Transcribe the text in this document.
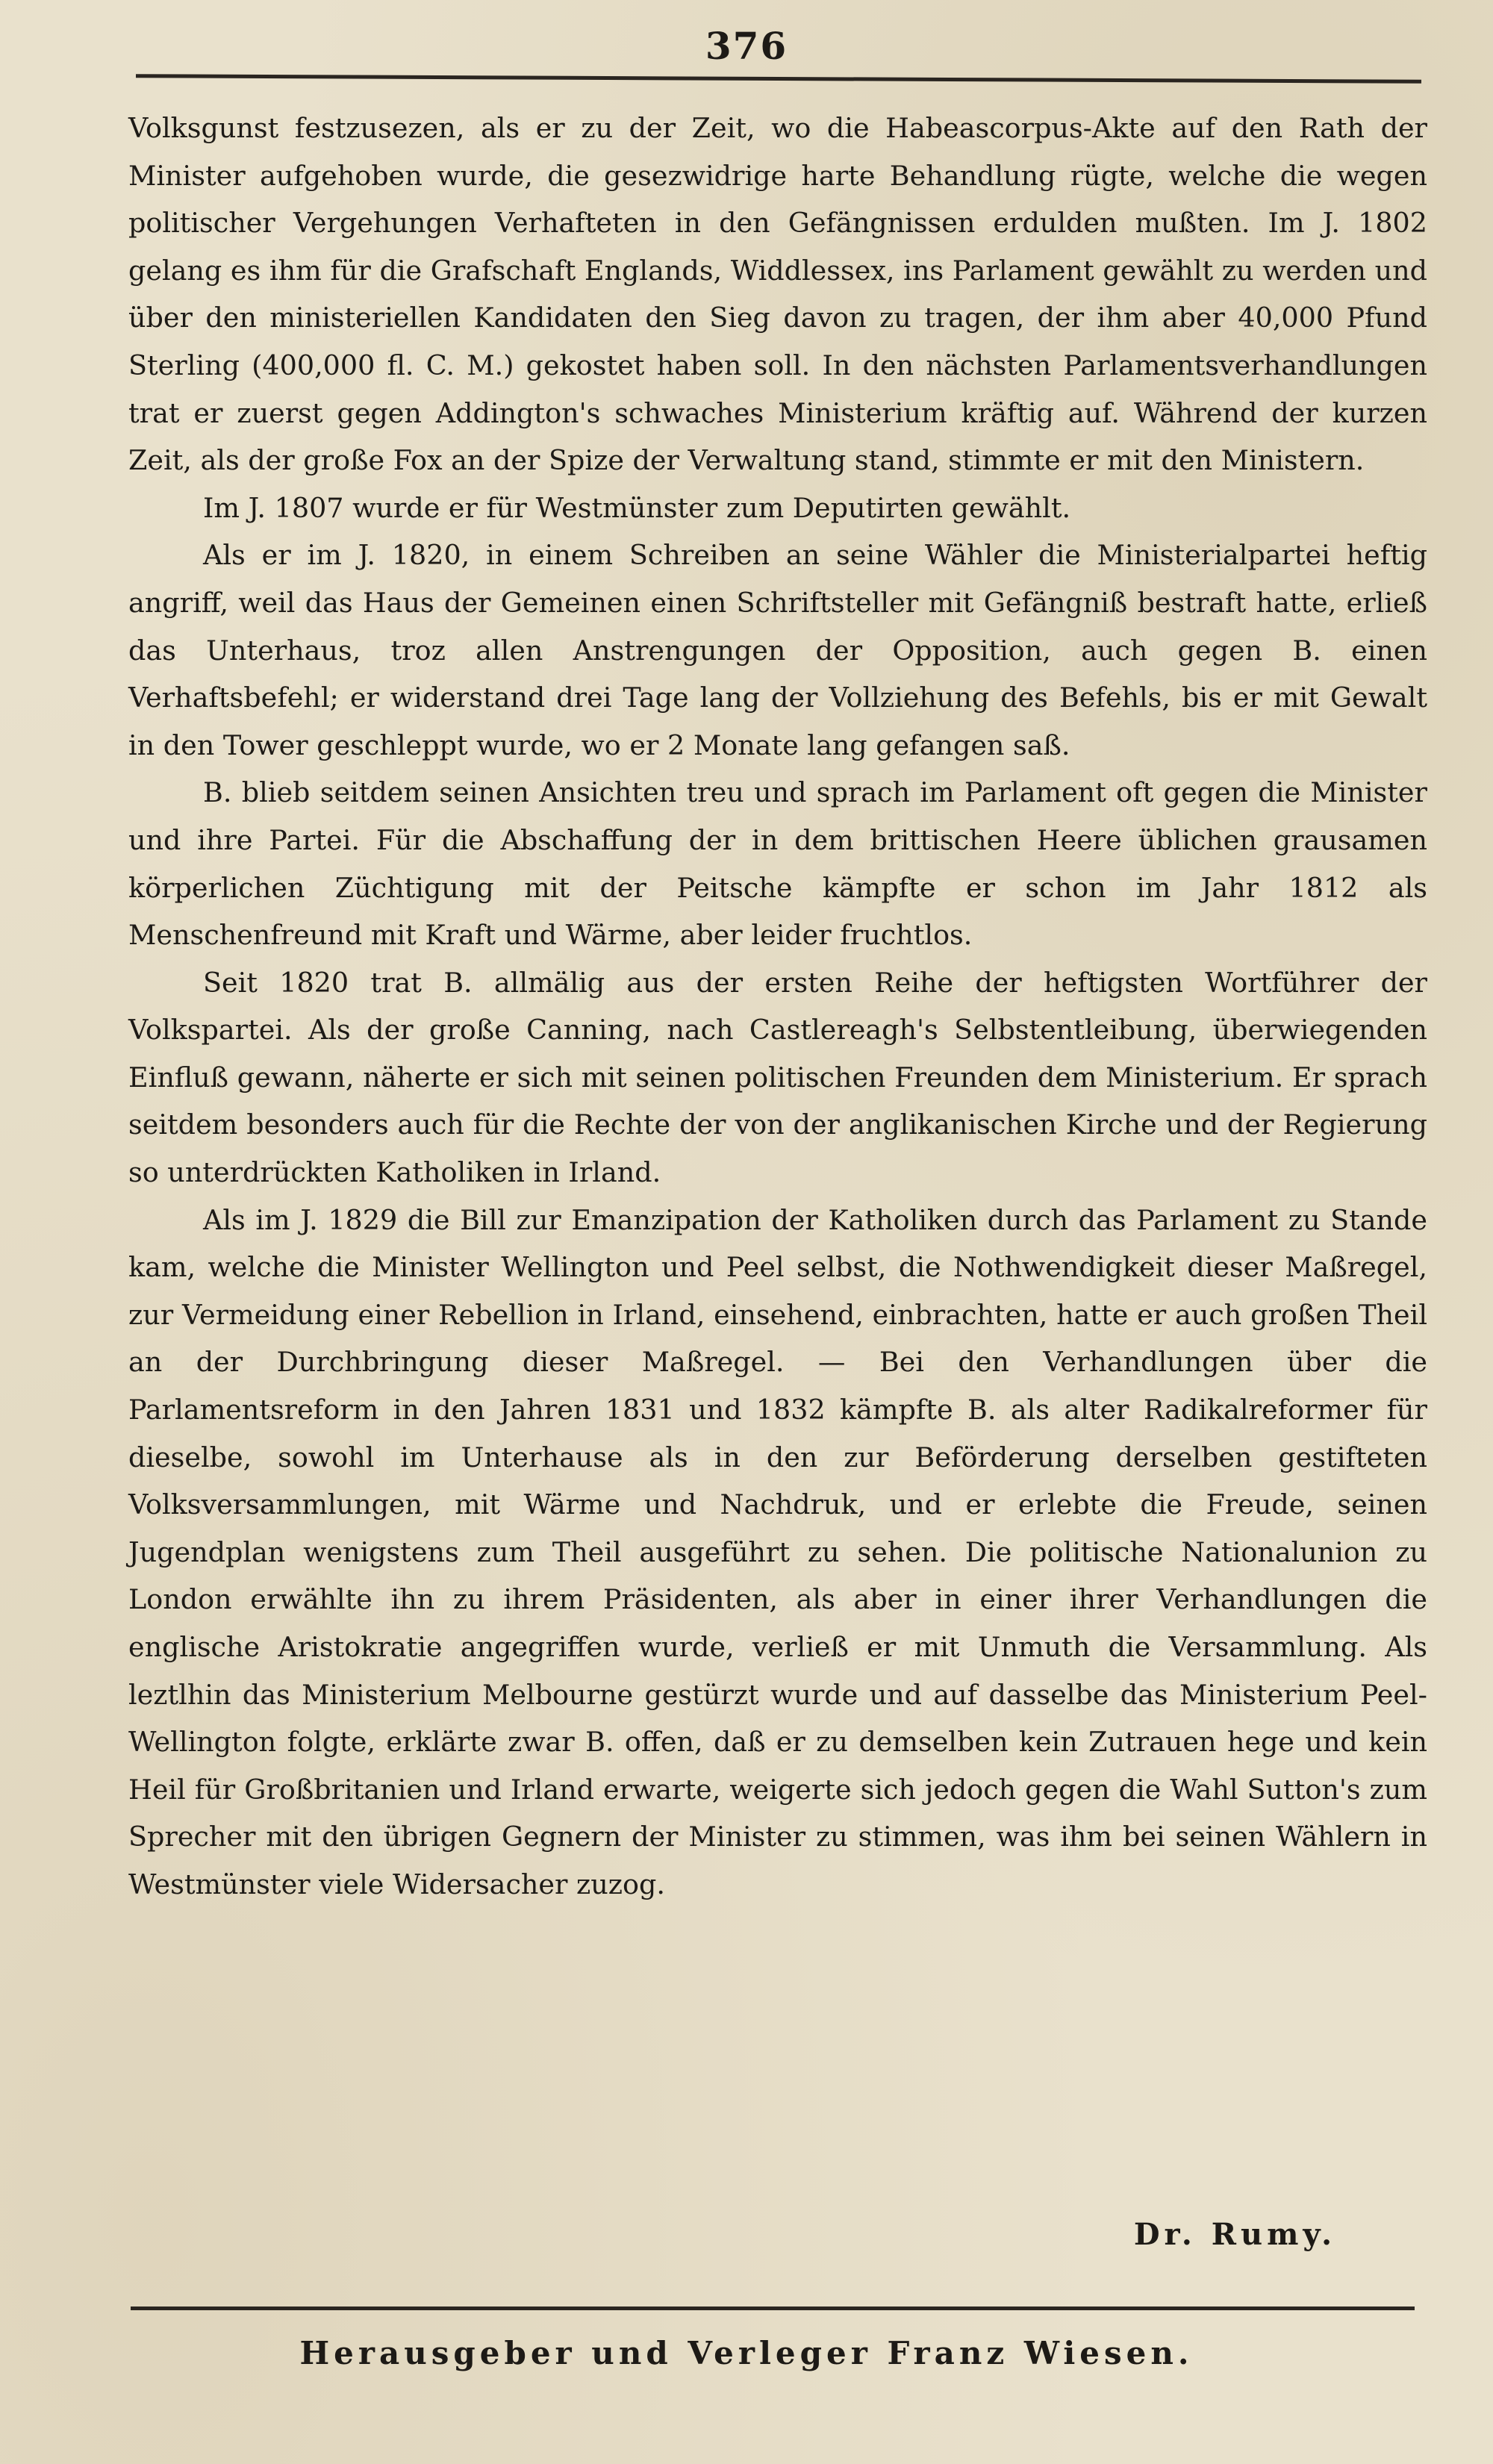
376

Volksgunst festzusezen, als er zu der Zeit, wo die Habeascorpus-Akte auf den Rath der Minister aufgehoben wurde, die gesezwidrige harte Behandlung rügte, welche die wegen politischer Vergehungen Verhafteten in den Gefängnissen erdulden mußten. Im J. 1802 gelang es ihm für die Grafschaft Englands, Widdlessex, ins Parlament gewählt zu werden und über den ministeriellen Kandidaten den Sieg davon zu tragen, der ihm aber 40,000 Pfund Sterling (400,000 fl. C. M.) gekostet haben soll. In den nächsten Parlamentsverhandlungen trat er zuerst gegen Addington's schwaches Ministerium kräftig auf. Während der kurzen Zeit, als der große Fox an der Spize der Verwaltung stand, stimmte er mit den Ministern.

Im J. 1807 wurde er für Westmünster zum Deputirten gewählt.

Als er im J. 1820, in einem Schreiben an seine Wähler die Ministerialpartei heftig angriff, weil das Haus der Gemeinen einen Schriftsteller mit Gefängniß bestraft hatte, erließ das Unterhaus, troz allen Anstrengungen der Opposition, auch gegen B. einen Verhaftsbefehl; er widerstand drei Tage lang der Vollziehung des Befehls, bis er mit Gewalt in den Tower geschleppt wurde, wo er 2 Monate lang gefangen saß.

B. blieb seitdem seinen Ansichten treu und sprach im Parlament oft gegen die Minister und ihre Partei. Für die Abschaffung der in dem brittischen Heere üblichen grausamen körperlichen Züchtigung mit der Peitsche kämpfte er schon im Jahr 1812 als Menschenfreund mit Kraft und Wärme, aber leider fruchtlos.

Seit 1820 trat B. allmälig aus der ersten Reihe der heftigsten Wortführer der Volkspartei. Als der große Canning, nach Castlereagh's Selbstentleibung, überwiegenden Einfluß gewann, näherte er sich mit seinen politischen Freunden dem Ministerium. Er sprach seitdem besonders auch für die Rechte der von der anglikanischen Kirche und der Regierung so unterdrückten Katholiken in Irland.

Als im J. 1829 die Bill zur Emanzipation der Katholiken durch das Parlament zu Stande kam, welche die Minister Wellington und Peel selbst, die Nothwendigkeit dieser Maßregel, zur Vermeidung einer Rebellion in Irland, einsehend, einbrachten, hatte er auch großen Theil an der Durchbringung dieser Maßregel. — Bei den Verhandlungen über die Parlamentsreform in den Jahren 1831 und 1832 kämpfte B. als alter Radikalreformer für dieselbe, sowohl im Unterhause als in den zur Beförderung derselben gestifteten Volksversammlungen, mit Wärme und Nachdruk, und er erlebte die Freude, seinen Jugendplan wenigstens zum Theil ausgeführt zu sehen. Die politische Nationalunion zu London erwählte ihn zu ihrem Präsidenten, als aber in einer ihrer Verhandlungen die englische Aristokratie angegriffen wurde, verließ er mit Unmuth die Versammlung. Als leztlhin das Ministerium Melbourne gestürzt wurde und auf dasselbe das Ministerium Peel-Wellington folgte, erklärte zwar B. offen, daß er zu demselben kein Zutrauen hege und kein Heil für Großbritanien und Irland erwarte, weigerte sich jedoch gegen die Wahl Sutton's zum Sprecher mit den übrigen Gegnern der Minister zu stimmen, was ihm bei seinen Wählern in Westmünster viele Widersacher zuzog.

Dr. Rumy.
Herausgeber und Verleger Franz Wiesen.
